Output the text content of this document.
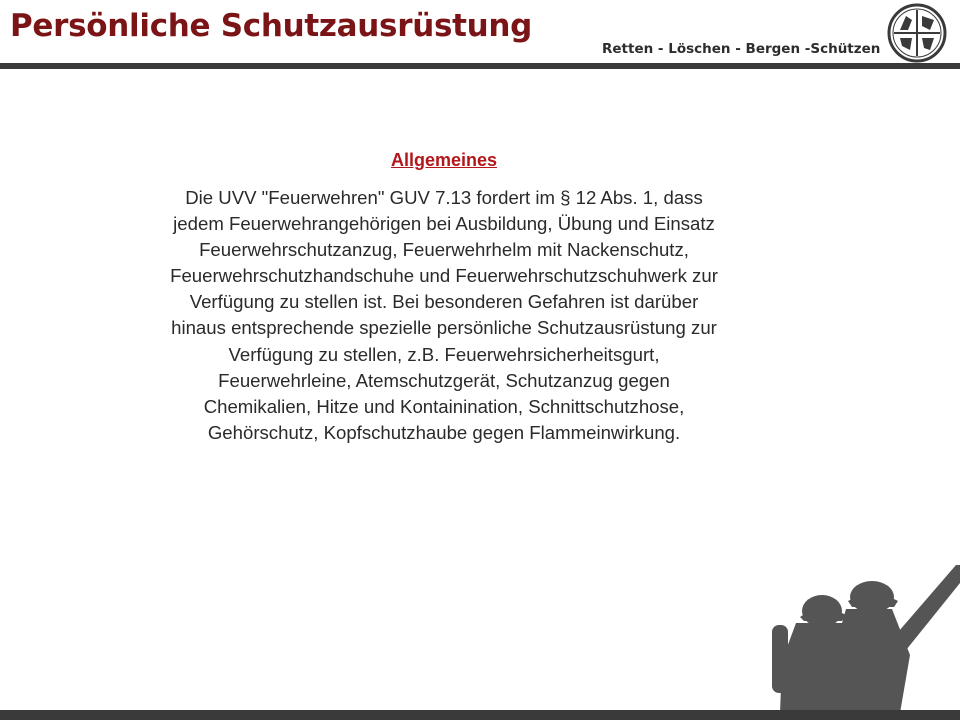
Persönliche Schutzausrüstung
Retten - Löschen - Bergen -Schützen
Allgemeines

Die UVV "Feuerwehren" GUV 7.13 fordert im § 12 Abs. 1, dass jedem Feuerwehrangehörigen bei Ausbildung, Übung und Einsatz Feuerwehrschutzanzug, Feuerwehrhelm mit Nackenschutz, Feuerwehrschutzhandschuhe und Feuerwehrschutzschuhwerk zur Verfügung zu stellen ist. Bei besonderen Gefahren ist darüber hinaus entsprechende spezielle persönliche Schutzausrüstung zur Verfügung zu stellen, z.B. Feuerwehrsicherheitsgurt, Feuerwehrleine, Atemschutzgerät, Schutzanzug gegen Chemikalien, Hitze und Kontainination, Schnittschutzhose, Gehörschutz, Kopfschutzhaube gegen Flammeinwirkung.
